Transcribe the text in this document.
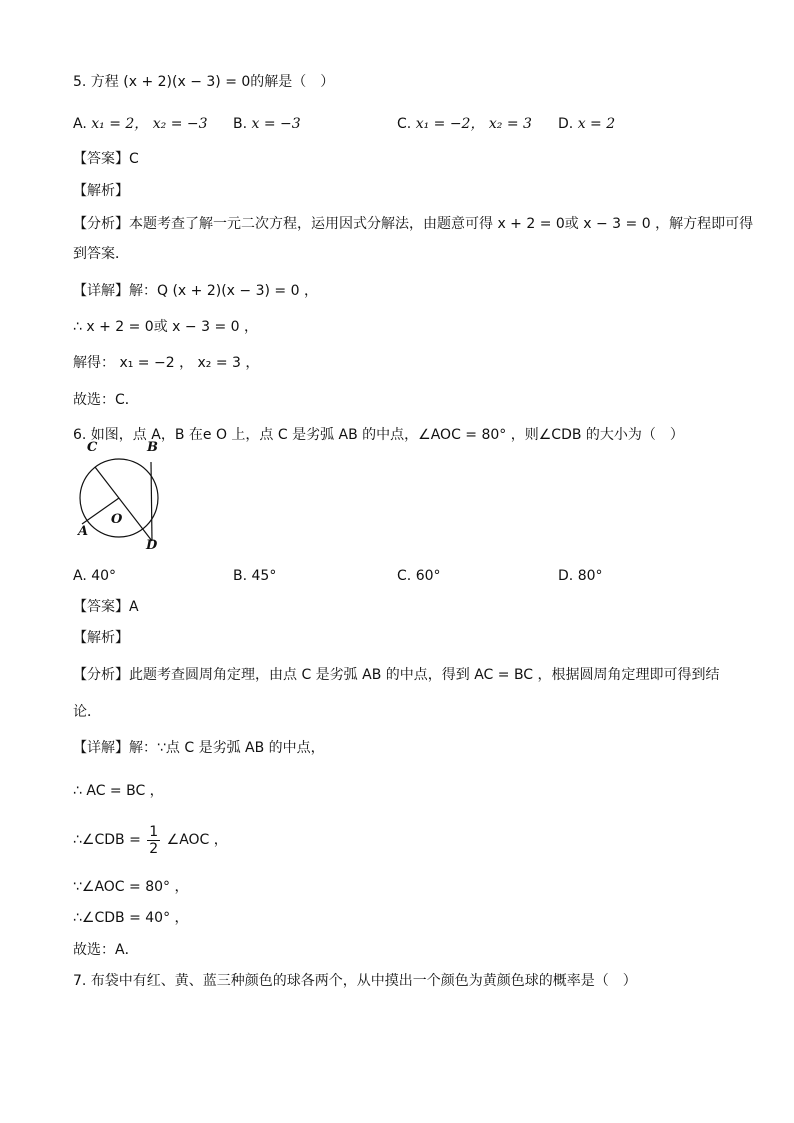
5. 方程 (x + 2)(x − 3) = 0的解是（　）
A. x₁ = 2， x₂ = −3 B. x = −3	C. x₁ = −2， x₂ = 3 D. x = 2
【答案】C
【解析】
【分析】本题考查了解一元二次方程，运用因式分解法，由题意可得 x + 2 = 0或 x − 3 = 0 ，解方程即可得
到答案．
【详解】解：Q (x + 2)(x − 3) = 0 ，
∴ x + 2 = 0或 x − 3 = 0 ，
解得： x₁ = −2 ， x₂ = 3 ，
故选：C．
6. 如图，点 A，B 在e O 上，点 C 是劣弧 AB 的中点，∠AOC = 80° ，则∠CDB 的大小为（　）
C	B
O
A
D
A. 40°	B. 45°	C. 60°	D. 80°
【答案】A
【解析】
【分析】此题考查圆周角定理，由点 C 是劣弧 AB 的中点，得到 AC = BC ，根据圆周角定理即可得到结
论．
【详解】解：∵点 C 是劣弧 AB 的中点，
∴ AC = BC ，
∴∠CDB = $\frac{1}{2}$ ∠AOC ，
∵∠AOC = 80° ，
∴∠CDB = 40° ，
故选：A．
7. 布袋中有红、黄、蓝三种颜色的球各两个，从中摸出一个颜色为黄颜色球的概率是（　）
